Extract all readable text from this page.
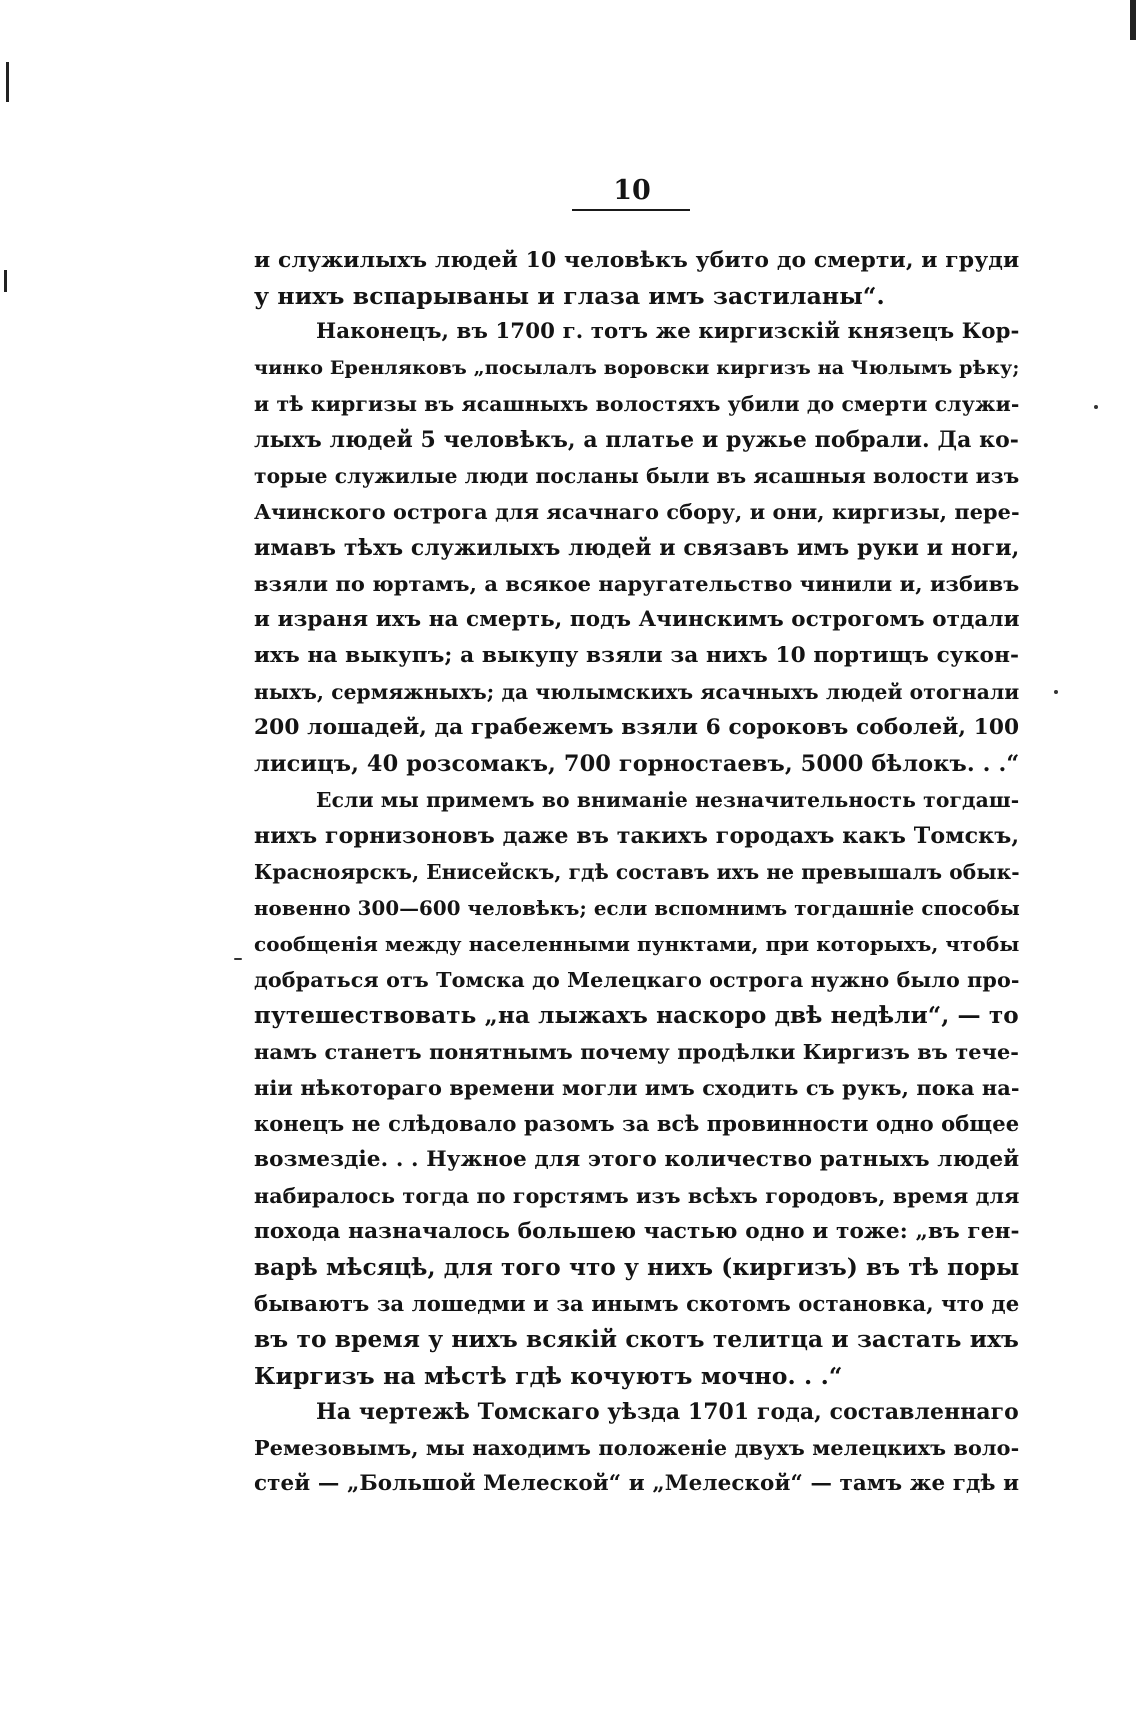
10
и служилыхъ людей 10 человѣкъ убито до смерти, и груди
у нихъ вспарываны и глаза имъ застиланы“.
Наконецъ, въ 1700 г. тотъ же киргизскій князецъ Кор-
чинко Еренляковъ „посылалъ воровски киргизъ на Чюлымъ рѣку;
и тѣ киргизы въ ясашныхъ волостяхъ убили до смерти служи-
лыхъ людей 5 человѣкъ, а платье и ружье побрали. Да ко-
торые служилые люди посланы были въ ясашныя волости изъ
Ачинского острога для ясачнаго сбору, и они, киргизы, пере-
имавъ тѣхъ служилыхъ людей и связавъ имъ руки и ноги,
взяли по юртамъ, а всякое наругательство чинили и, избивъ
и израня ихъ на смерть, подъ Ачинскимъ острогомъ отдали
ихъ на выкупъ; а выкупу взяли за нихъ 10 портищъ сукон-
ныхъ, сермяжныхъ; да чюлымскихъ ясачныхъ людей отогнали
200 лошадей, да грабежемъ взяли 6 сороковъ соболей, 100
лисицъ, 40 розсомакъ, 700 горностаевъ, 5000 бѣлокъ. . .“
Если мы примемъ во вниманіе незначительность тогдаш-
нихъ горнизоновъ даже въ такихъ городахъ какъ Томскъ,
Красноярскъ, Енисейскъ, гдѣ составъ ихъ не превышалъ обык-
новенно 300—600 человѣкъ; если вспомнимъ тогдашніе способы
сообщенія между населенными пунктами, при которыхъ, чтобы
добраться отъ Томска до Мелецкаго острога нужно было про-
путешествовать „на лыжахъ наскоро двѣ недѣли“, — то
намъ станетъ понятнымъ почему продѣлки Киргизъ въ тече-
ніи нѣкотораго времени могли имъ сходить съ рукъ, пока на-
конецъ не слѣдовало разомъ за всѣ провинности одно общее
возмездіе. . . Нужное для этого количество ратныхъ людей
набиралось тогда по горстямъ изъ всѣхъ городовъ, время для
похода назначалось большею частью одно и тоже: „въ ген-
варѣ мѣсяцѣ, для того что у нихъ (киргизъ) въ тѣ поры
бываютъ за лошедми и за инымъ скотомъ остановка, что де
въ то время у нихъ всякій скотъ телитца и застать ихъ
Киргизъ на мѣстѣ гдѣ кочуютъ мочно. . .“
На чертежѣ Томскаго уѣзда 1701 года, составленнаго
Ремезовымъ, мы находимъ положеніе двухъ мелецкихъ воло-
стей — „Большой Мелеской“ и „Мелеской“ — тамъ же гдѣ и
